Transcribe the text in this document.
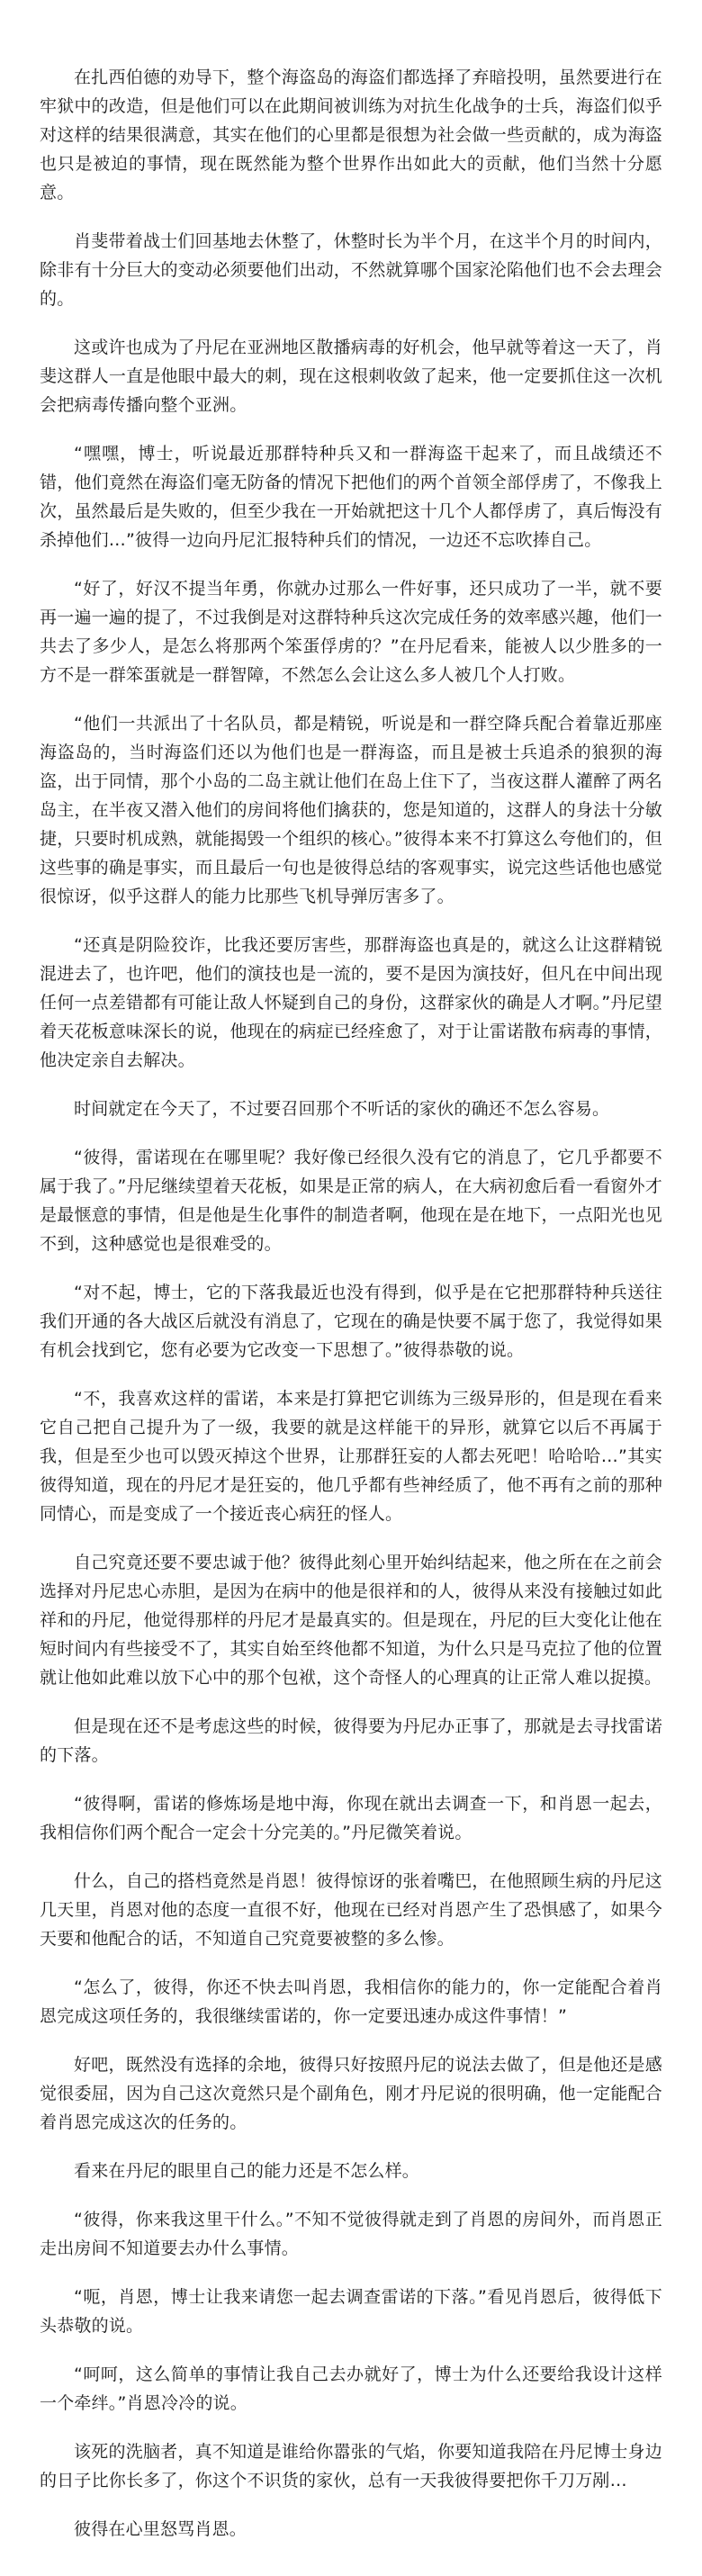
在扎西伯德的劝导下，整个海盗岛的海盗们都选择了弃暗投明，虽然要进行在牢狱中的改造，但是他们可以在此期间被训练为对抗生化战争的士兵，海盗们似乎对这样的结果很满意，其实在他们的心里都是很想为社会做一些贡献的，成为海盗也只是被迫的事情，现在既然能为整个世界作出如此大的贡献，他们当然十分愿意。

肖斐带着战士们回基地去休整了，休整时长为半个月，在这半个月的时间内，除非有十分巨大的变动必须要他们出动，不然就算哪个国家沦陷他们也不会去理会的。

这或许也成为了丹尼在亚洲地区散播病毒的好机会，他早就等着这一天了，肖斐这群人一直是他眼中最大的刺，现在这根刺收敛了起来，他一定要抓住这一次机会把病毒传播向整个亚洲。

“嘿嘿，博士，听说最近那群特种兵又和一群海盗干起来了，而且战绩还不错，他们竟然在海盗们毫无防备的情况下把他们的两个首领全部俘虏了，不像我上次，虽然最后是失败的，但至少我在一开始就把这十几个人都俘虏了，真后悔没有杀掉他们…”彼得一边向丹尼汇报特种兵们的情况，一边还不忘吹捧自己。

“好了，好汉不提当年勇，你就办过那么一件好事，还只成功了一半，就不要再一遍一遍的提了，不过我倒是对这群特种兵这次完成任务的效率感兴趣，他们一共去了多少人，是怎么将那两个笨蛋俘虏的？”在丹尼看来，能被人以少胜多的一方不是一群笨蛋就是一群智障，不然怎么会让这么多人被几个人打败。

“他们一共派出了十名队员，都是精锐，听说是和一群空降兵配合着靠近那座海盗岛的，当时海盗们还以为他们也是一群海盗，而且是被士兵追杀的狼狈的海盗，出于同情，那个小岛的二岛主就让他们在岛上住下了，当夜这群人灌醉了两名岛主，在半夜又潜入他们的房间将他们擒获的，您是知道的，这群人的身法十分敏捷，只要时机成熟，就能揭毁一个组织的核心。”彼得本来不打算这么夸他们的，但这些事的确是事实，而且最后一句也是彼得总结的客观事实，说完这些话他也感觉很惊讶，似乎这群人的能力比那些飞机导弹厉害多了。

“还真是阴险狡诈，比我还要厉害些，那群海盗也真是的，就这么让这群精锐混进去了，也许吧，他们的演技也是一流的，要不是因为演技好，但凡在中间出现任何一点差错都有可能让敌人怀疑到自己的身份，这群家伙的确是人才啊。”丹尼望着天花板意味深长的说，他现在的病症已经痊愈了，对于让雷诺散布病毒的事情，他决定亲自去解决。

时间就定在今天了，不过要召回那个不听话的家伙的确还不怎么容易。

“彼得，雷诺现在在哪里呢？我好像已经很久没有它的消息了，它几乎都要不属于我了。”丹尼继续望着天花板，如果是正常的病人，在大病初愈后看一看窗外才是最惬意的事情，但是他是生化事件的制造者啊，他现在是在地下，一点阳光也见不到，这种感觉也是很难受的。

“对不起，博士，它的下落我最近也没有得到，似乎是在它把那群特种兵送往我们开通的各大战区后就没有消息了，它现在的确是快要不属于您了，我觉得如果有机会找到它，您有必要为它改变一下思想了。”彼得恭敬的说。

“不，我喜欢这样的雷诺，本来是打算把它训练为三级异形的，但是现在看来它自己把自己提升为了一级，我要的就是这样能干的异形，就算它以后不再属于我，但是至少也可以毁灭掉这个世界，让那群狂妄的人都去死吧！哈哈哈…”其实彼得知道，现在的丹尼才是狂妄的，他几乎都有些神经质了，他不再有之前的那种同情心，而是变成了一个接近丧心病狂的怪人。

自己究竟还要不要忠诚于他？彼得此刻心里开始纠结起来，他之所在在之前会选择对丹尼忠心赤胆，是因为在病中的他是很祥和的人，彼得从来没有接触过如此祥和的丹尼，他觉得那样的丹尼才是最真实的。但是现在，丹尼的巨大变化让他在短时间内有些接受不了，其实自始至终他都不知道，为什么只是马克拉了他的位置就让他如此难以放下心中的那个包袱，这个奇怪人的心理真的让正常人难以捉摸。

但是现在还不是考虑这些的时候，彼得要为丹尼办正事了，那就是去寻找雷诺的下落。

“彼得啊，雷诺的修炼场是地中海，你现在就出去调查一下，和肖恩一起去，我相信你们两个配合一定会十分完美的。”丹尼微笑着说。

什么，自己的搭档竟然是肖恩！彼得惊讶的张着嘴巴，在他照顾生病的丹尼这几天里，肖恩对他的态度一直很不好，他现在已经对肖恩产生了恐惧感了，如果今天要和他配合的话，不知道自己究竟要被整的多么惨。

“怎么了，彼得，你还不快去叫肖恩，我相信你的能力的，你一定能配合着肖恩完成这项任务的，我很继续雷诺的，你一定要迅速办成这件事情！”

好吧，既然没有选择的余地，彼得只好按照丹尼的说法去做了，但是他还是感觉很委屈，因为自己这次竟然只是个副角色，刚才丹尼说的很明确，他一定能配合着肖恩完成这次的任务的。

看来在丹尼的眼里自己的能力还是不怎么样。

“彼得，你来我这里干什么。”不知不觉彼得就走到了肖恩的房间外，而肖恩正走出房间不知道要去办什么事情。

“呃，肖恩，博士让我来请您一起去调查雷诺的下落。”看见肖恩后，彼得低下头恭敬的说。

“呵呵，这么简单的事情让我自己去办就好了，博士为什么还要给我设计这样一个牵绊。”肖恩冷冷的说。

该死的洗脑者，真不知道是谁给你嚣张的气焰，你要知道我陪在丹尼博士身边的日子比你长多了，你这个不识货的家伙，总有一天我彼得要把你千刀万剐…

彼得在心里怒骂肖恩。
